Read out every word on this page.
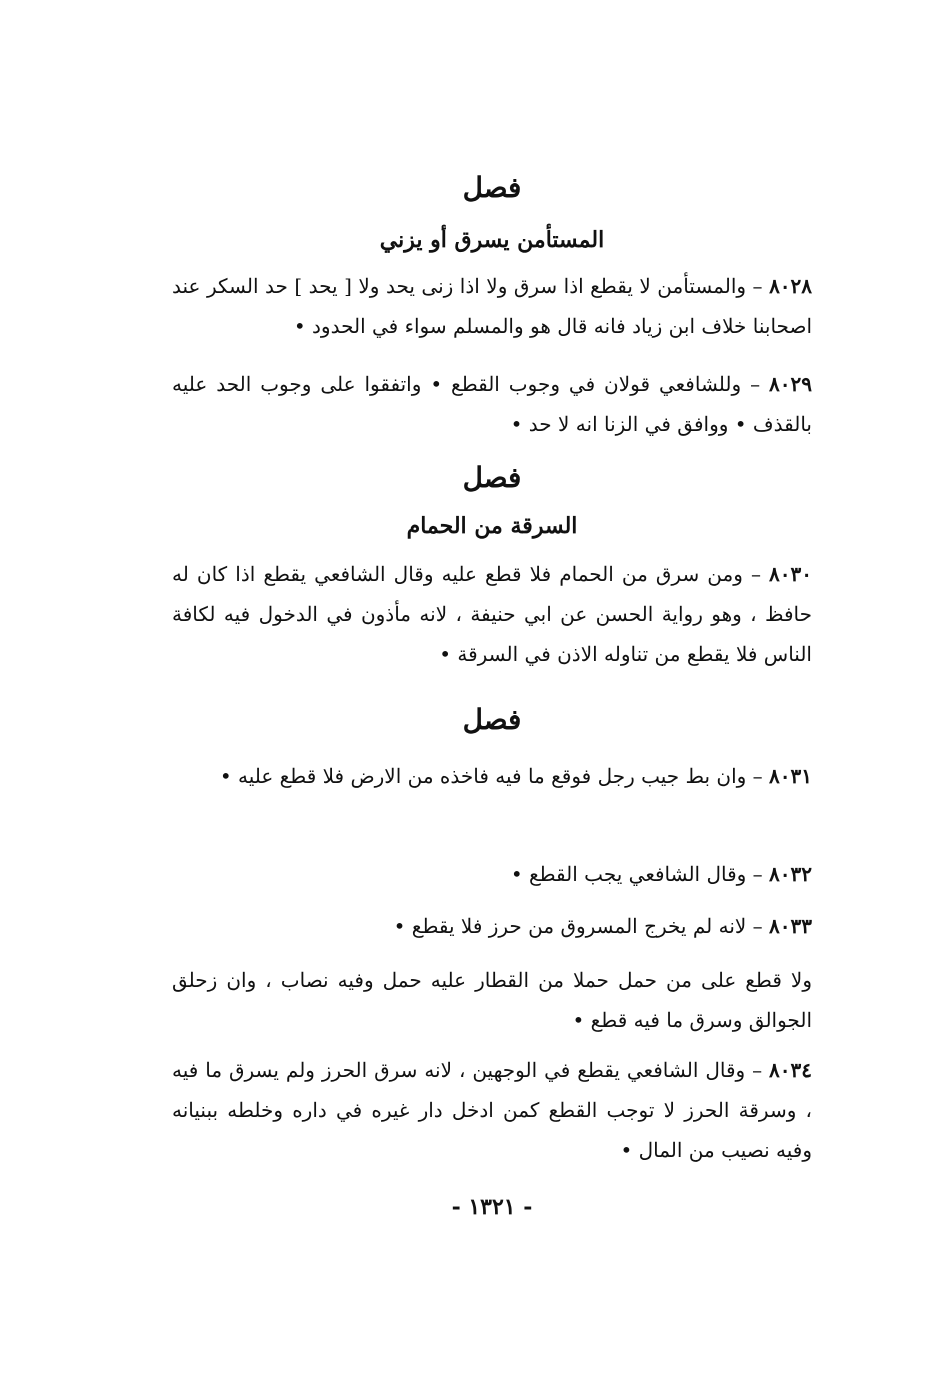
فصل
المستأمن يسرق أو يزني
٨٠٢٨ – والمستأمن لا يقطع اذا سرق ولا اذا زنى يحد ولا [ يحد ] حد السكر عند اصحابنا خلاف ابن زياد فانه قال هو والمسلم سواء في الحدود •
٨٠٢٩ – وللشافعي قولان في وجوب القطع • واتفقوا على وجوب الحد عليه بالقذف • ووافق في الزنا انه لا حد •
فصل
السرقة من الحمام
٨٠٣٠ – ومن سرق من الحمام فلا قطع عليه وقال الشافعي يقطع اذا كان له حافظ ، وهو رواية الحسن عن ابي حنيفة ، لانه مأذون في الدخول فيه لكافة الناس فلا يقطع من تناوله الاذن في السرقة •
فصل
٨٠٣١ – وان بط جيب رجل فوقع ما فيه فاخذه من الارض فلا قطع عليه •
٨٠٣٢ – وقال الشافعي يجب القطع •
٨٠٣٣ – لانه لم يخرج المسروق من حرز فلا يقطع •
ولا قطع على من حمل حملا من القطار عليه حمل وفيه نصاب ، وان زحلق الجوالق وسرق ما فيه قطع •
٨٠٣٤ – وقال الشافعي يقطع في الوجهين ، لانه سرق الحرز ولم يسرق ما فيه ، وسرقة الحرز لا توجب القطع كمن ادخل دار غيره في داره وخلطه ببنيانه وفيه نصيب من المال •
- ١٣٢١ -
